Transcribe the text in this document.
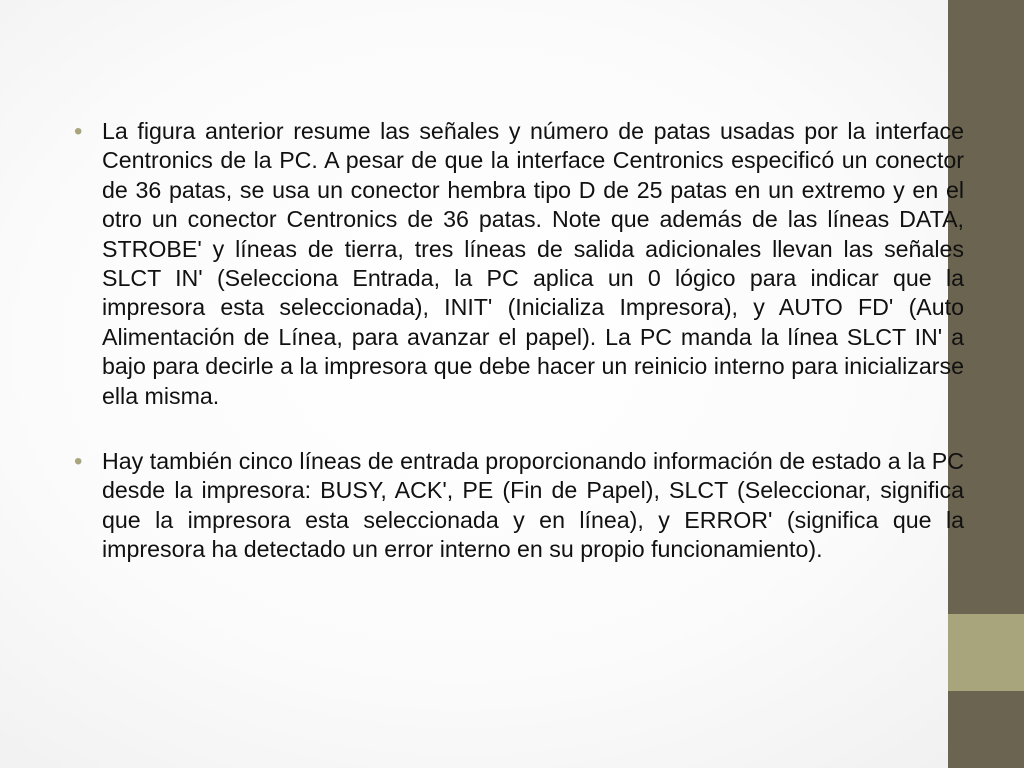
• La figura anterior resume las señales y número de patas usadas por la interface Centronics de la PC. A pesar de que la interface Centronics especificó un conector de 36 patas, se usa un conector hembra tipo D de 25 patas en un extremo y en el otro un conector Centronics de 36 patas. Note que además de las líneas DATA, STROBE' y líneas de tierra, tres líneas de salida adicionales llevan las señales SLCT IN' (Selecciona Entrada, la PC aplica un 0 lógico para indicar que la impresora esta seleccionada), INIT' (Inicializa Impresora), y AUTO FD' (Auto Alimentación de Línea, para avanzar el papel). La PC manda la línea SLCT IN' a bajo para decirle a la impresora que debe hacer un reinicio interno para inicializarse ella misma.

• Hay también cinco líneas de entrada proporcionando información de estado a la PC desde la impresora: BUSY, ACK', PE (Fin de Papel), SLCT (Seleccionar, significa que la impresora esta seleccionada y en línea), y ERROR' (significa que la impresora ha detectado un error interno en su propio funcionamiento).
